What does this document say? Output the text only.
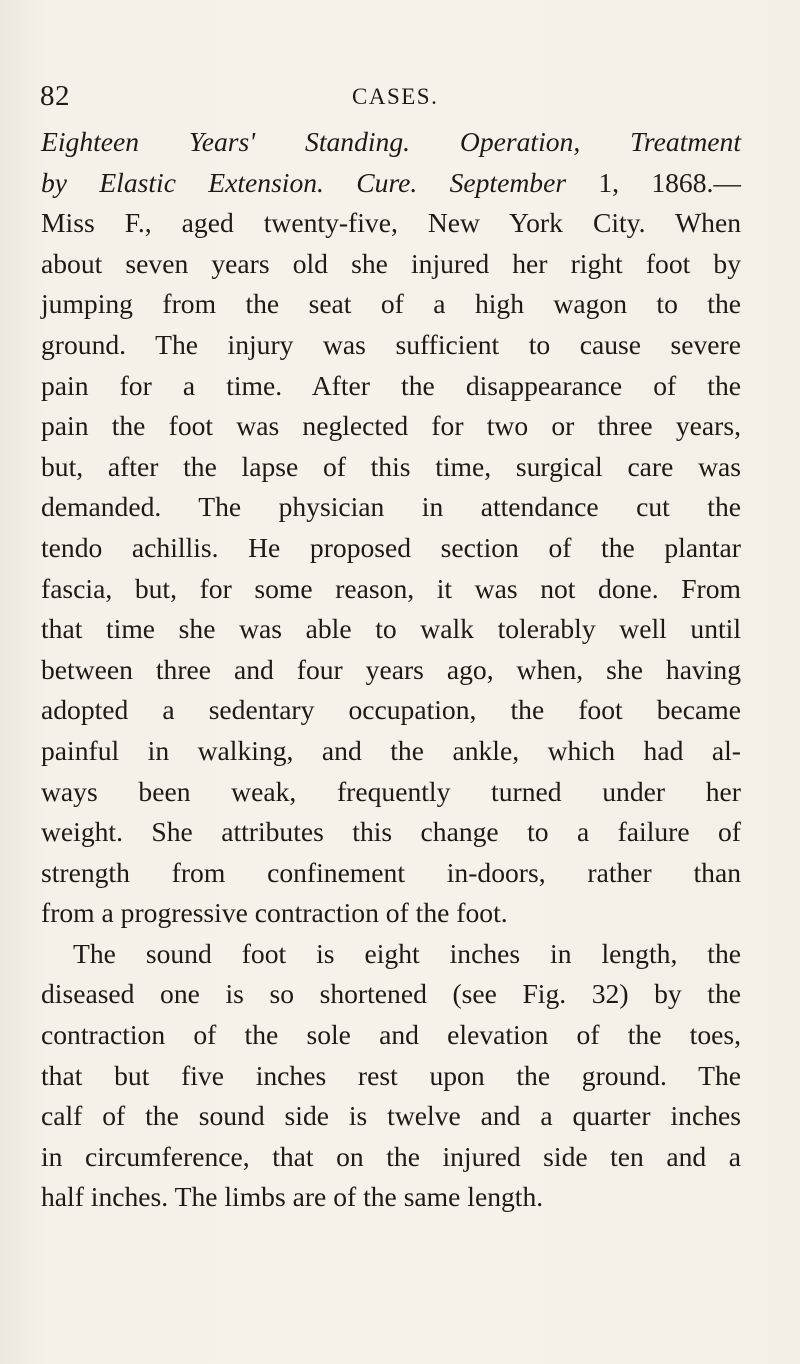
82	CASES.
Eighteen Years' Standing. Operation, Treatment
by Elastic Extension. Cure. September 1, 1868.—
Miss F., aged twenty-five, New York City. When
about seven years old she injured her right foot by
jumping from the seat of a high wagon to the
ground. The injury was sufficient to cause severe
pain for a time. After the disappearance of the
pain the foot was neglected for two or three years,
but, after the lapse of this time, surgical care was
demanded. The physician in attendance cut the
tendo achillis. He proposed section of the plantar
fascia, but, for some reason, it was not done. From
that time she was able to walk tolerably well until
between three and four years ago, when, she having
adopted a sedentary occupation, the foot became
painful in walking, and the ankle, which had al-
ways been weak, frequently turned under her
weight. She attributes this change to a failure of
strength from confinement in-doors, rather than
from a progressive contraction of the foot.
The sound foot is eight inches in length, the
diseased one is so shortened (see Fig. 32) by the
contraction of the sole and elevation of the toes,
that but five inches rest upon the ground. The
calf of the sound side is twelve and a quarter inches
in circumference, that on the injured side ten and a
half inches. The limbs are of the same length.
